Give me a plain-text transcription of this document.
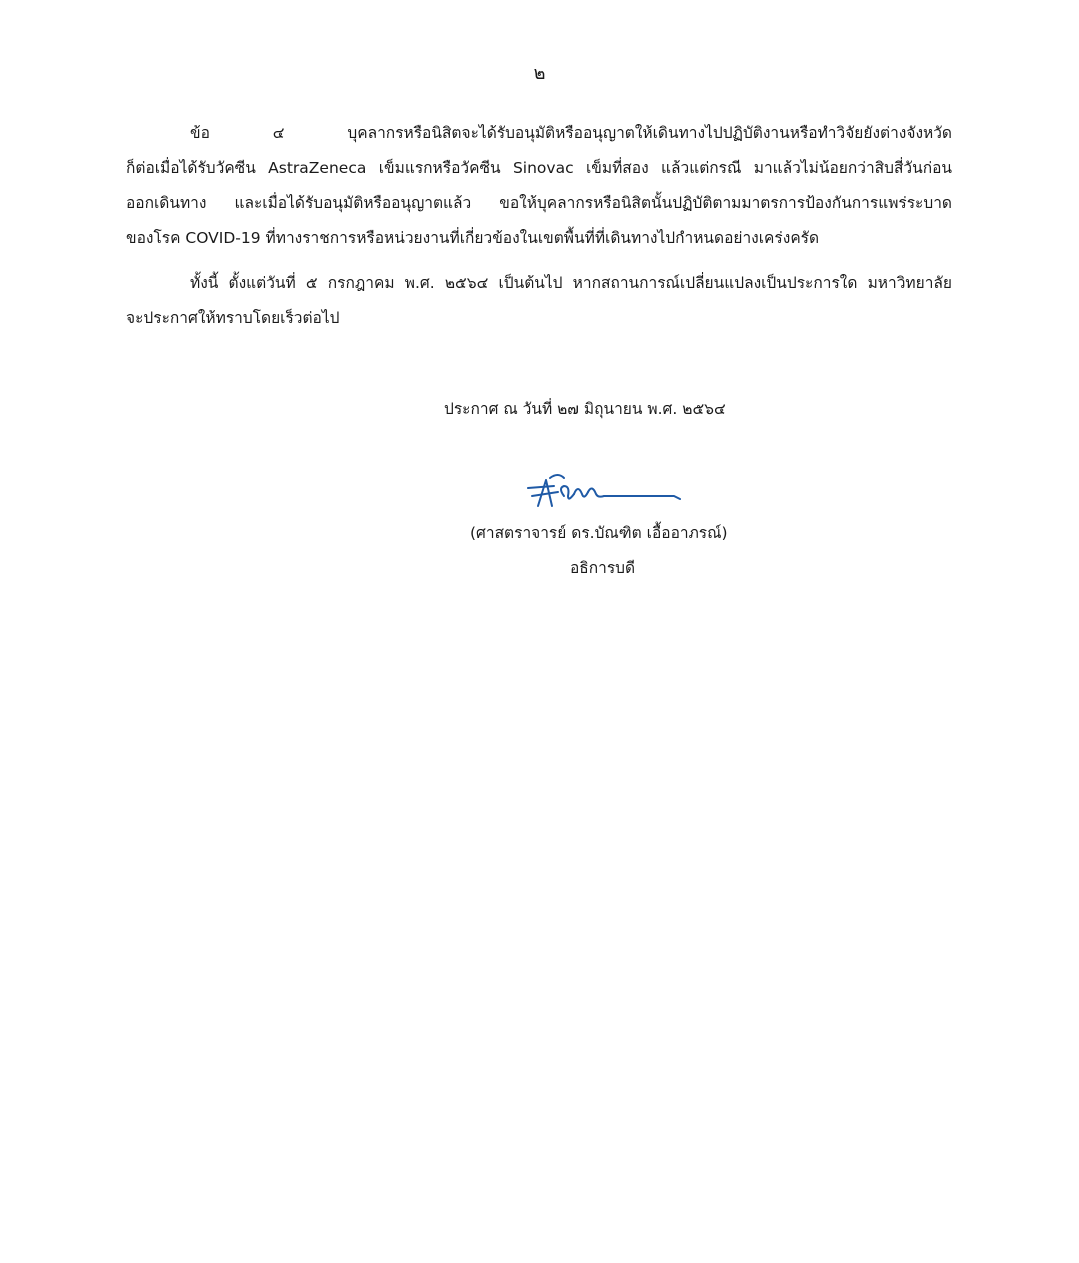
๒
ข้อ ๔ บุคลากรหรือนิสิตจะได้รับอนุมัติหรืออนุญาตให้เดินทางไปปฏิบัติงานหรือทำวิจัยยังต่างจังหวัด
ก็ต่อเมื่อได้รับวัคซีน AstraZeneca เข็มแรกหรือวัคซีน Sinovac เข็มที่สอง แล้วแต่กรณี มาแล้วไม่น้อยกว่าสิบสี่วันก่อน
ออกเดินทาง และเมื่อได้รับอนุมัติหรืออนุญาตแล้ว ขอให้บุคลากรหรือนิสิตนั้นปฏิบัติตามมาตรการป้องกันการแพร่ระบาด
ของโรค COVID-19 ที่ทางราชการหรือหน่วยงานที่เกี่ยวข้องในเขตพื้นที่ที่เดินทางไปกำหนดอย่างเคร่งครัด
ทั้งนี้ ตั้งแต่วันที่ ๕ กรกฎาคม พ.ศ. ๒๕๖๔ เป็นต้นไป หากสถานการณ์เปลี่ยนแปลงเป็นประการใด มหาวิทยาลัย
จะประกาศให้ทราบโดยเร็วต่อไป
ประกาศ ณ วันที่ ๒๗ มิถุนายน พ.ศ. ๒๕๖๔
(ศาสตราจารย์ ดร.บัณฑิต เอื้ออาภรณ์)
อธิการบดี
